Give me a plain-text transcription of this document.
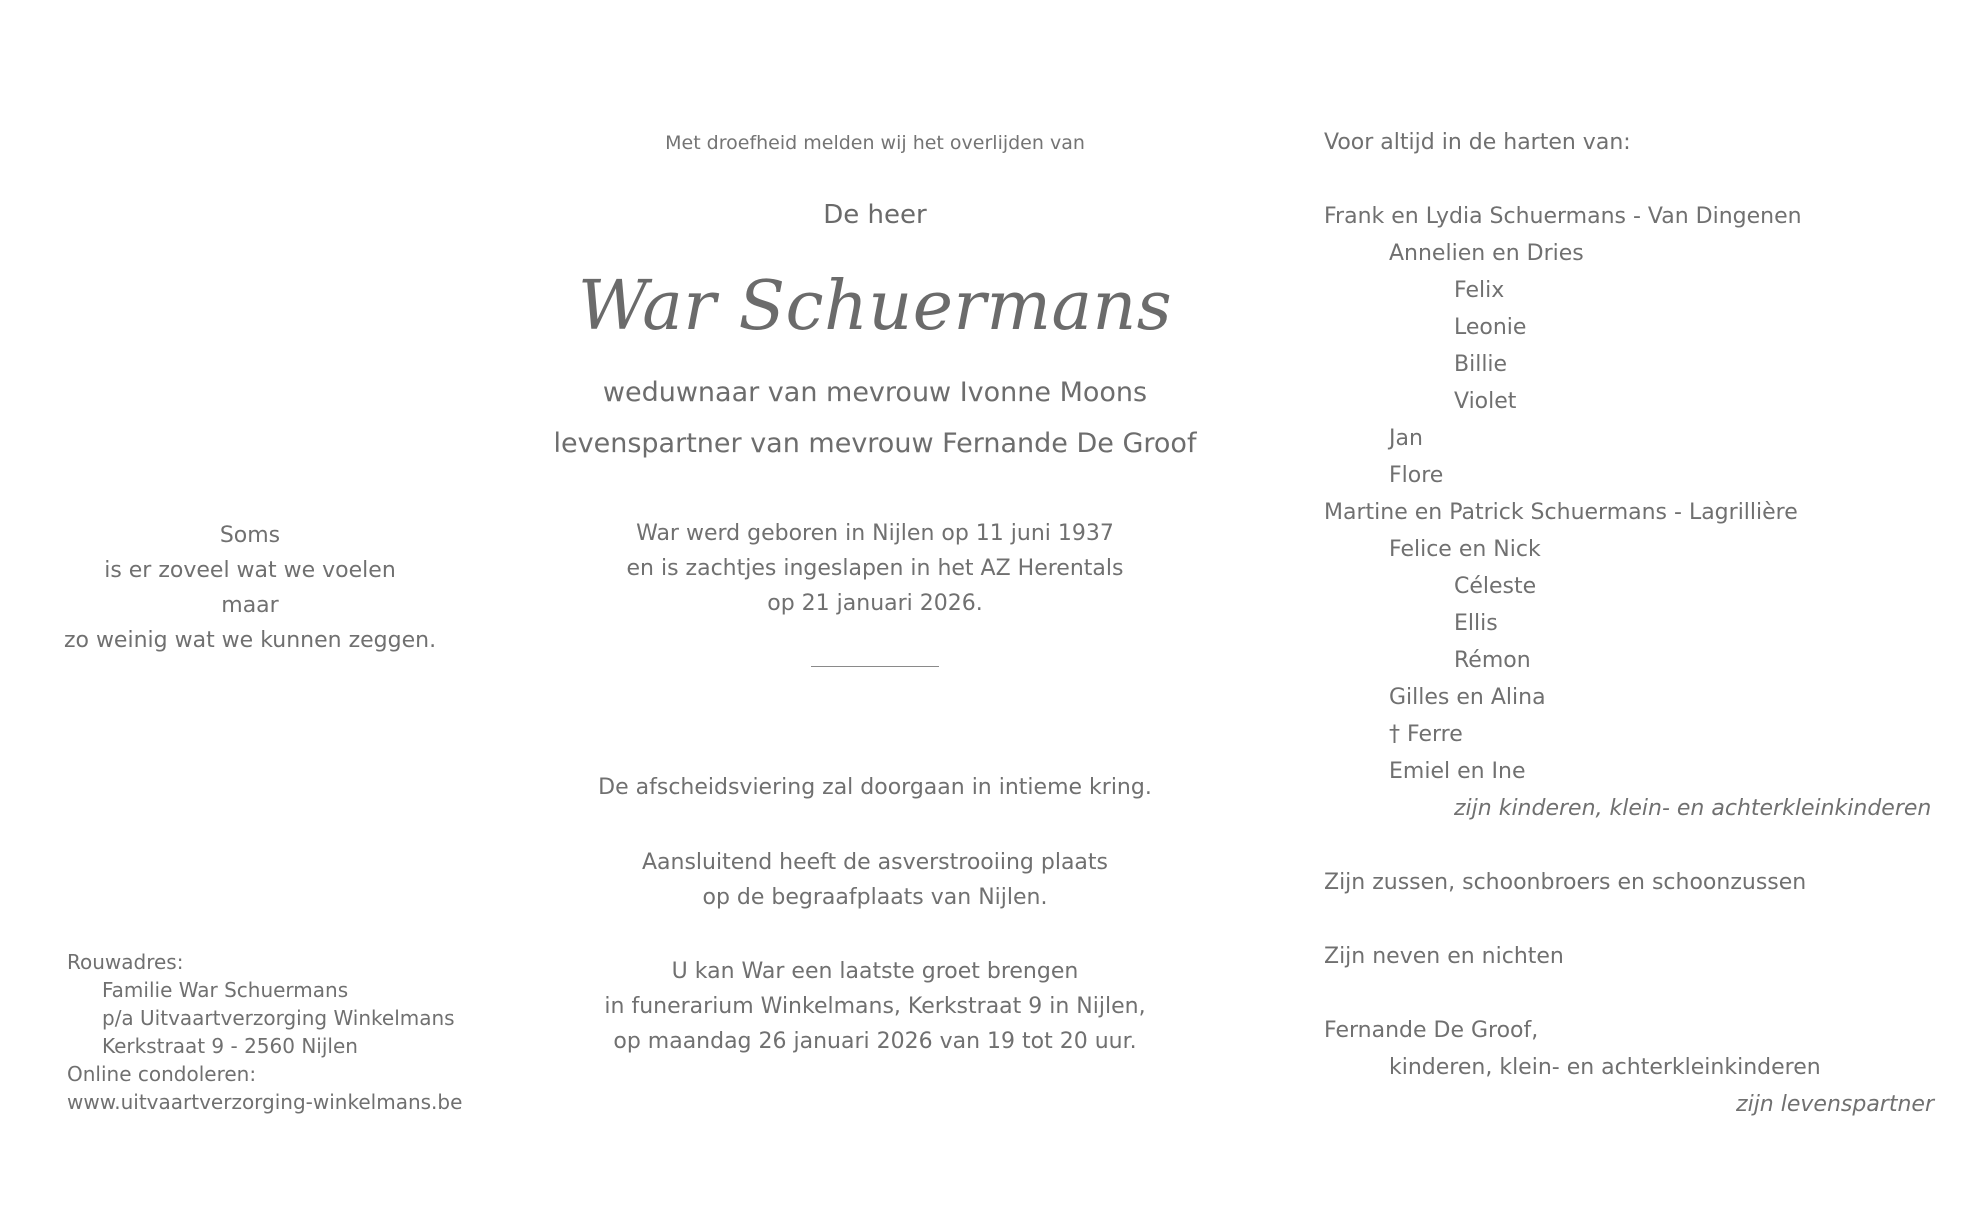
Soms
is er zoveel wat we voelen
maar
zo weinig wat we kunnen zeggen.
Rouwadres:
Familie War Schuermans
p/a Uitvaartverzorging Winkelmans
Kerkstraat 9 - 2560 Nijlen
Online condoleren:
www.uitvaartverzorging-winkelmans.be
Met droefheid melden wij het overlijden van
De heer
War Schuermans
weduwnaar van mevrouw Ivonne Moons
levenspartner van mevrouw Fernande De Groof
War werd geboren in Nijlen op 11 juni 1937
en is zachtjes ingeslapen in het AZ Herentals
op 21 januari 2026.
De afscheidsviering zal doorgaan in intieme kring.
Aansluitend heeft de asverstrooiing plaats
op de begraafplaats van Nijlen.
U kan War een laatste groet brengen
in funerarium Winkelmans, Kerkstraat 9 in Nijlen,
op maandag 26 januari 2026 van 19 tot 20 uur.
Voor altijd in de harten van:
Frank en Lydia Schuermans - Van Dingenen
Annelien en Dries
Felix
Leonie
Billie
Violet
Jan
Flore
Martine en Patrick Schuermans - Lagrillière
Felice en Nick
Céleste
Ellis
Rémon
Gilles en Alina
† Ferre
Emiel en Ine
zijn kinderen, klein- en achterkleinkinderen
Zijn zussen, schoonbroers en schoonzussen
Zijn neven en nichten
Fernande De Groof,
kinderen, klein- en achterkleinkinderen
zijn levenspartner
